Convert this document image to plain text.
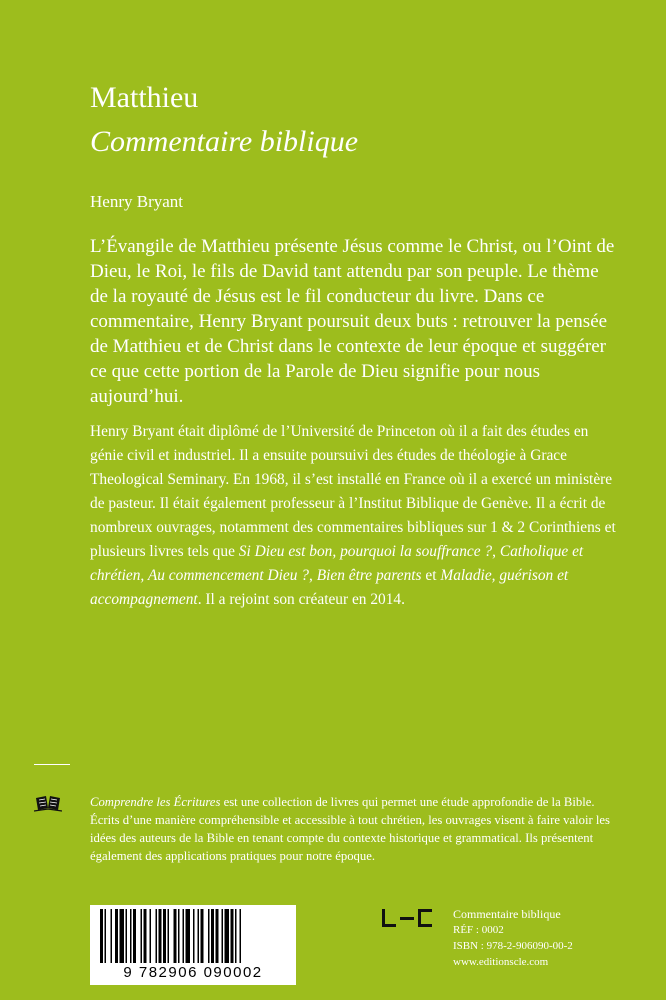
Matthieu
Commentaire biblique
Henry Bryant
L’Évangile de Matthieu présente Jésus comme le Christ, ou l’Oint de Dieu, le Roi, le fils de David tant attendu par son peuple. Le thème de la royauté de Jésus est le fil conducteur du livre. Dans ce commentaire, Henry Bryant poursuit deux buts : retrouver la pensée de Matthieu et de Christ dans le contexte de leur époque et suggérer ce que cette portion de la Parole de Dieu signifie pour nous aujourd’hui.
Henry Bryant était diplômé de l’Université de Princeton où il a fait des études en génie civil et industriel. Il a ensuite poursuivi des études de théologie à Grace Theological Seminary. En 1968, il s’est installé en France où il a exercé un ministère de pasteur. Il était également professeur à l’Institut Biblique de Genève. Il a écrit de nombreux ouvrages, notamment des commentaires bibliques sur 1 & 2 Corinthiens et plusieurs livres tels que Si Dieu est bon, pourquoi la souffrance ?, Catholique et chrétien, Au commencement Dieu ?, Bien être parents et Maladie, guérison et accompagnement. Il a rejoint son créateur en 2014.
Comprendre les Écritures est une collection de livres qui permet une étude approfondie de la Bible. Écrits d’une manière compréhensible et accessible à tout chrétien, les ouvrages visent à faire valoir les idées des auteurs de la Bible en tenant compte du contexte historique et grammatical. Ils présentent également des applications pratiques pour notre époque.
9 782906 090002
Commentaire biblique
RÉF : 0002
ISBN : 978-2-906090-00-2
www.editionscle.com
